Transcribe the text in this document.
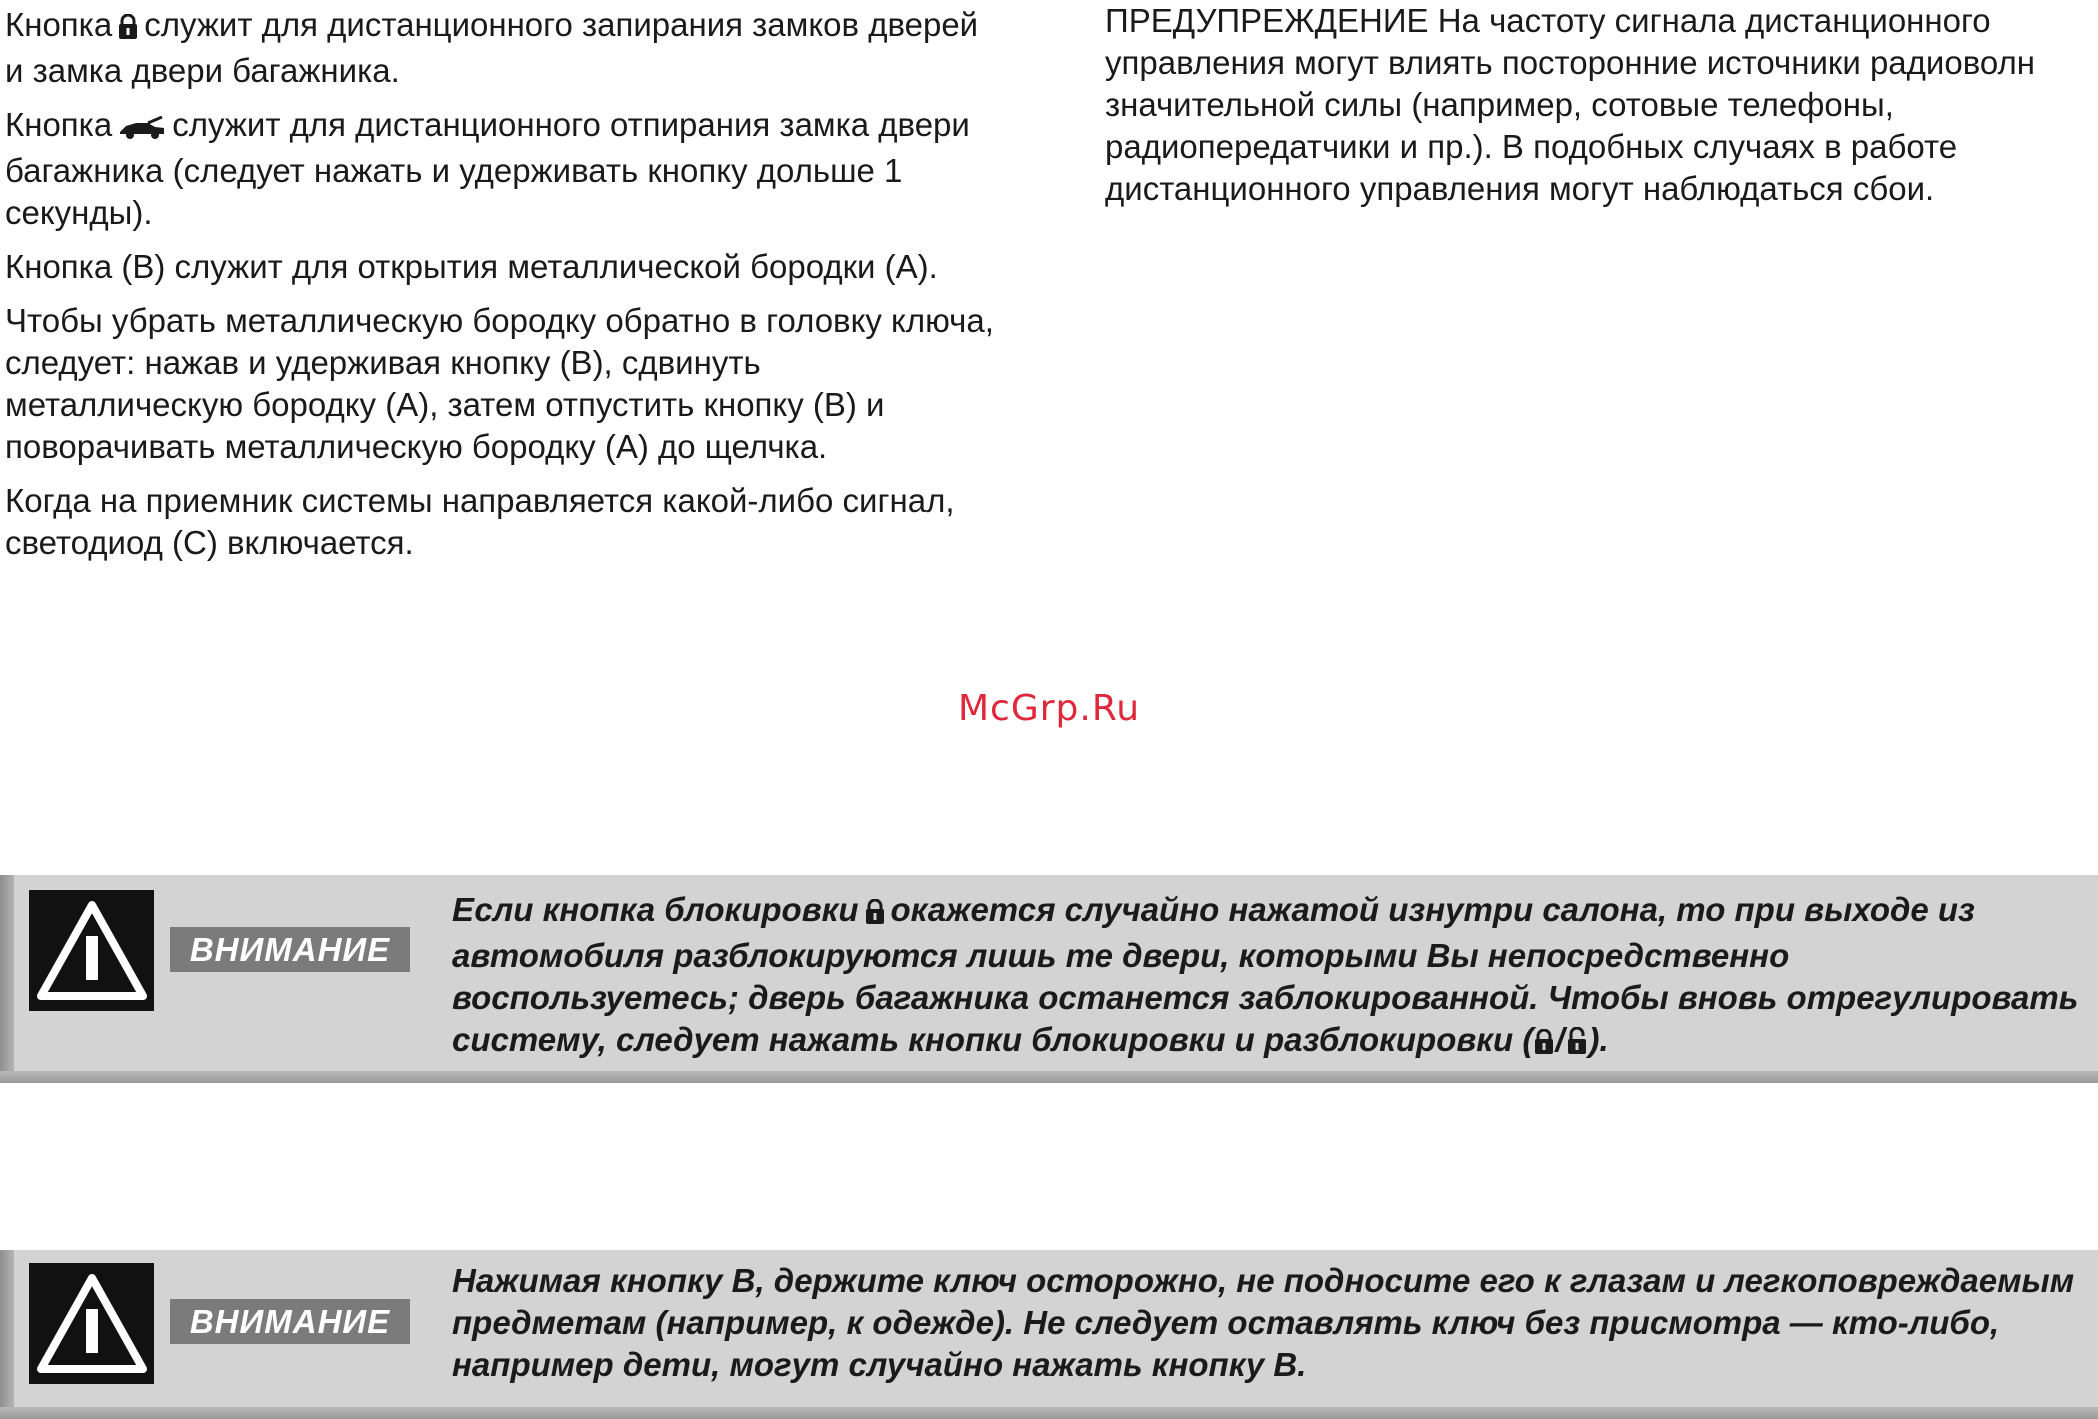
Кнопка служит для дистанционного запирания замков дверей и замка двери багажника.

Кнопка служит для дистанционного отпирания замка двери багажника (следует нажать и удерживать кнопку дольше 1 секунды).

Кнопка (В) служит для открытия металлической бородки (А).

Чтобы убрать металлическую бородку обратно в головку ключа, следует: нажав и удерживая кнопку (В), сдвинуть металлическую бородку (А), затем отпустить кнопку (В) и поворачивать металлическую бородку (А) до щелчка.

Когда на приемник системы направляется какой-либо сигнал, светодиод (С) включается.

ПРЕДУПРЕЖДЕНИЕ На частоту сигнала дистанционного управления могут влиять посторонние источники радиоволн значительной силы (например, сотовые телефоны, радиопередатчики и пр.). В подобных случаях в работе дистанционного управления могут наблюдаться сбои.

McGrp.Ru
ВНИМАНИЕ

Если кнопка блокировки окажется случайно нажатой изнутри салона, то при выходе из автомобиля разблокируются лишь те двери, которыми Вы непосредственно воспользуетесь; дверь багажника останется заблокированной. Чтобы вновь отрегулировать систему, следует нажать кнопки блокировки и разблокировки ( / ).

ВНИМАНИЕ

Нажимая кнопку В, держите ключ осторожно, не подносите его к глазам и легкоповреждаемым предметам (например, к одежде). Не следует оставлять ключ без присмотра — кто-либо, например дети, могут случайно нажать кнопку В.
